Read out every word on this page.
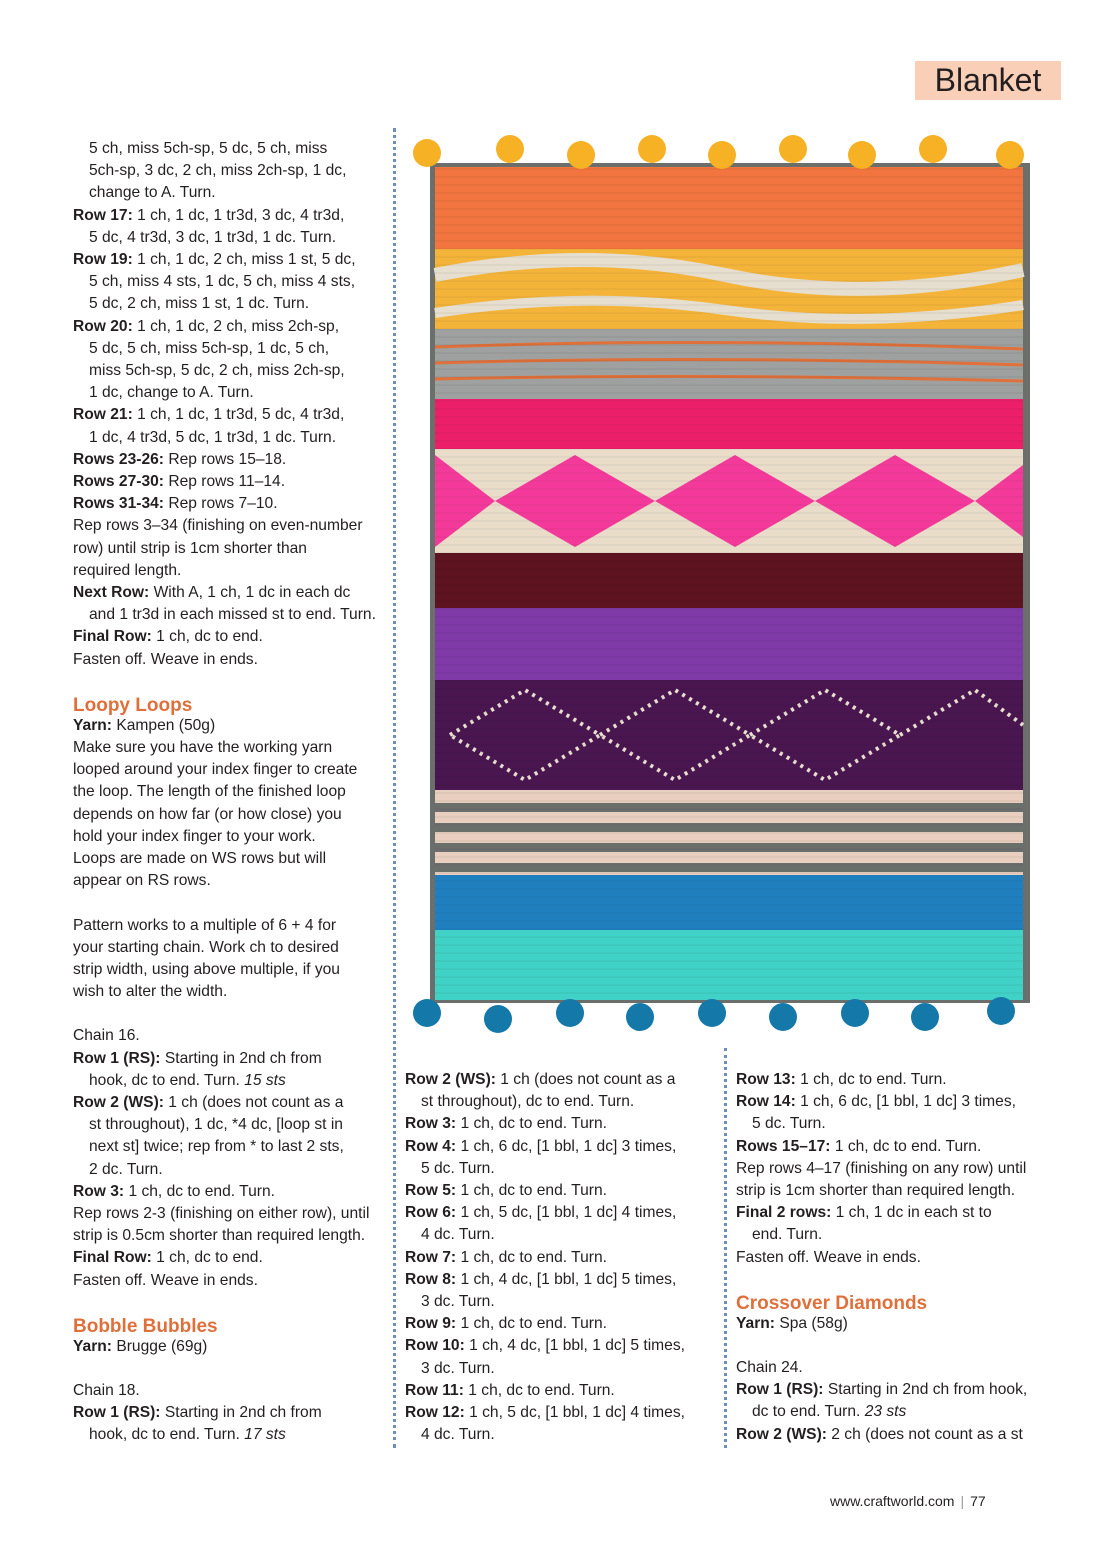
Blanket

5 ch, miss 5ch-sp, 5 dc, 5 ch, miss

5ch-sp, 3 dc, 2 ch, miss 2ch-sp, 1 dc,

change to A. Turn.

Row 17: 1 ch, 1 dc, 1 tr3d, 3 dc, 4 tr3d,

5 dc, 4 tr3d, 3 dc, 1 tr3d, 1 dc. Turn.

Row 19: 1 ch, 1 dc, 2 ch, miss 1 st, 5 dc,

5 ch, miss 4 sts, 1 dc, 5 ch, miss 4 sts,

5 dc, 2 ch, miss 1 st, 1 dc. Turn.

Row 20: 1 ch, 1 dc, 2 ch, miss 2ch-sp,

5 dc, 5 ch, miss 5ch-sp, 1 dc, 5 ch,

miss 5ch-sp, 5 dc, 2 ch, miss 2ch-sp,

1 dc, change to A. Turn.

Row 21: 1 ch, 1 dc, 1 tr3d, 5 dc, 4 tr3d,

1 dc, 4 tr3d, 5 dc, 1 tr3d, 1 dc. Turn.

Rows 23-26: Rep rows 15–18.

Rows 27-30: Rep rows 11–14.

Rows 31-34: Rep rows 7–10.

Rep rows 3–34 (finishing on even-number

row) until strip is 1cm shorter than

required length.

Next Row: With A, 1 ch, 1 dc in each dc

and 1 tr3d in each missed st to end. Turn.

Final Row: 1 ch, dc to end.

Fasten off. Weave in ends.

Loopy Loops

Yarn: Kampen (50g)

Make sure you have the working yarn

looped around your index finger to create

the loop. The length of the finished loop

depends on how far (or how close) you

hold your index finger to your work.

Loops are made on WS rows but will

appear on RS rows.

Pattern works to a multiple of 6 + 4 for

your starting chain. Work ch to desired

strip width, using above multiple, if you

wish to alter the width.

Chain 16.

Row 1 (RS): Starting in 2nd ch from

hook, dc to end. Turn. 15 sts

Row 2 (WS): 1 ch (does not count as a

st throughout), 1 dc, *4 dc, [loop st in

next st] twice; rep from * to last 2 sts,

2 dc. Turn.

Row 3: 1 ch, dc to end. Turn.

Rep rows 2-3 (finishing on either row), until

strip is 0.5cm shorter than required length.

Final Row: 1 ch, dc to end.

Fasten off. Weave in ends.

Bobble Bubbles

Yarn: Brugge (69g)

Chain 18.

Row 1 (RS): Starting in 2nd ch from

hook, dc to end. Turn. 17 sts

Row 2 (WS): 1 ch (does not count as a

st throughout), dc to end. Turn.

Row 3: 1 ch, dc to end. Turn.

Row 4: 1 ch, 6 dc, [1 bbl, 1 dc] 3 times,

5 dc. Turn.

Row 5: 1 ch, dc to end. Turn.

Row 6: 1 ch, 5 dc, [1 bbl, 1 dc] 4 times,

4 dc. Turn.

Row 7: 1 ch, dc to end. Turn.

Row 8: 1 ch, 4 dc, [1 bbl, 1 dc] 5 times,

3 dc. Turn.

Row 9: 1 ch, dc to end. Turn.

Row 10: 1 ch, 4 dc, [1 bbl, 1 dc] 5 times,

3 dc. Turn.

Row 11: 1 ch, dc to end. Turn.

Row 12: 1 ch, 5 dc, [1 bbl, 1 dc] 4 times,

4 dc. Turn.

Row 13: 1 ch, dc to end. Turn.

Row 14: 1 ch, 6 dc, [1 bbl, 1 dc] 3 times,

5 dc. Turn.

Rows 15–17: 1 ch, dc to end. Turn.

Rep rows 4–17 (finishing on any row) until

strip is 1cm shorter than required length.

Final 2 rows: 1 ch, 1 dc in each st to

end. Turn.

Fasten off. Weave in ends.

Crossover Diamonds

Yarn: Spa (58g)

Chain 24.

Row 1 (RS): Starting in 2nd ch from hook,

dc to end. Turn. 23 sts

Row 2 (WS): 2 ch (does not count as a st

www.craftworld.com | 77
